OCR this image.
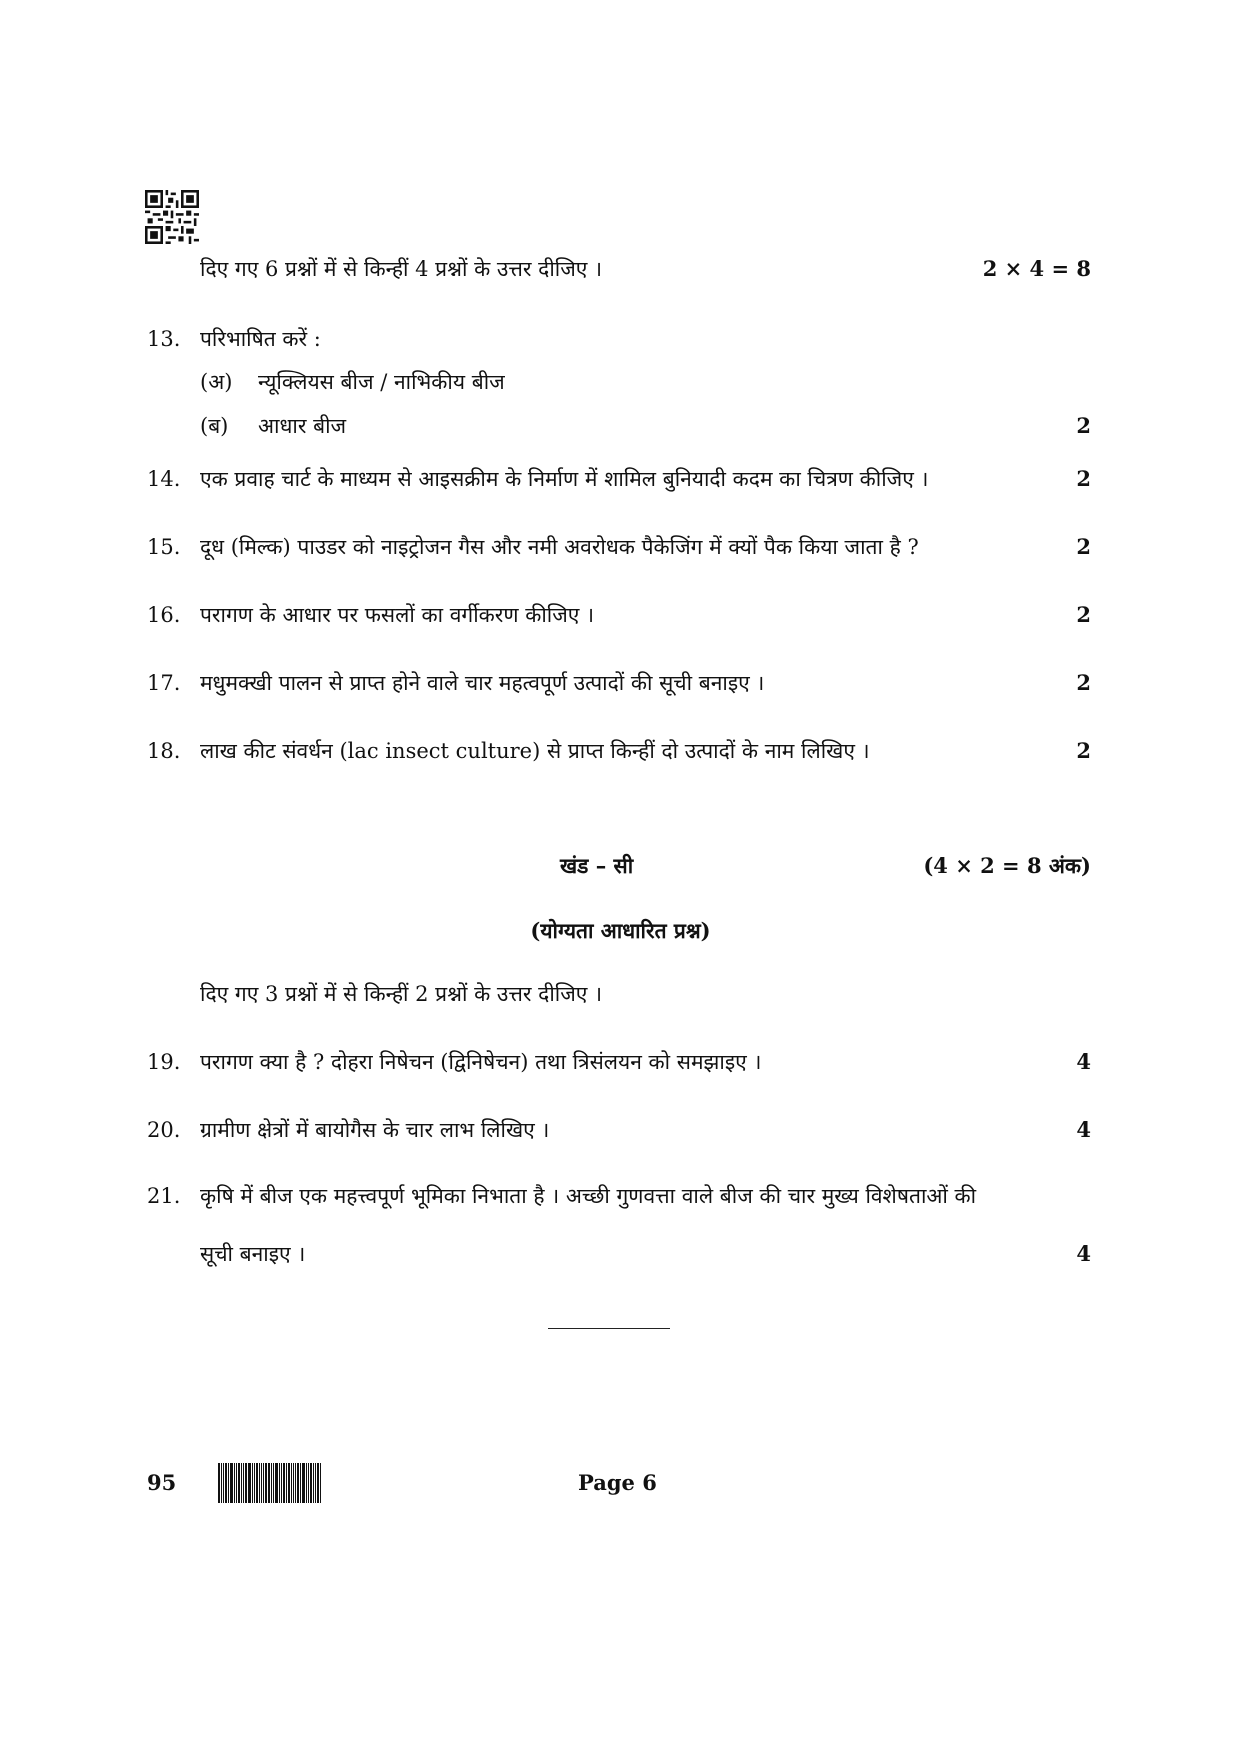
दिए गए 6 प्रश्नों में से किन्हीं 4 प्रश्नों के उत्तर दीजिए ।	2 × 4 = 8
13. परिभाषित करें :
(अ) न्यूक्लियस बीज / नाभिकीय बीज
(ब) आधार बीज	2
14. एक प्रवाह चार्ट के माध्यम से आइसक्रीम के निर्माण में शामिल बुनियादी कदम का चित्रण कीजिए ।	2
15. दूध (मिल्क) पाउडर को नाइट्रोजन गैस और नमी अवरोधक पैकेजिंग में क्यों पैक किया जाता है ?	2
16. परागण के आधार पर फसलों का वर्गीकरण कीजिए ।	2
17. मधुमक्खी पालन से प्राप्त होने वाले चार महत्वपूर्ण उत्पादों की सूची बनाइए ।	2
18. लाख कीट संवर्धन (lac insect culture) से प्राप्त किन्हीं दो उत्पादों के नाम लिखिए ।	2
खंड – सी	(4 × 2 = 8 अंक)
(योग्यता आधारित प्रश्न)
दिए गए 3 प्रश्नों में से किन्हीं 2 प्रश्नों के उत्तर दीजिए ।
19. परागण क्या है ? दोहरा निषेचन (द्विनिषेचन) तथा त्रिसंलयन को समझाइए ।	4
20. ग्रामीण क्षेत्रों में बायोगैस के चार लाभ लिखिए ।	4
21. कृषि में बीज एक महत्त्वपूर्ण भूमिका निभाता है । अच्छी गुणवत्ता वाले बीज की चार मुख्य विशेषताओं की
सूची बनाइए ।	4
95	Page 6
